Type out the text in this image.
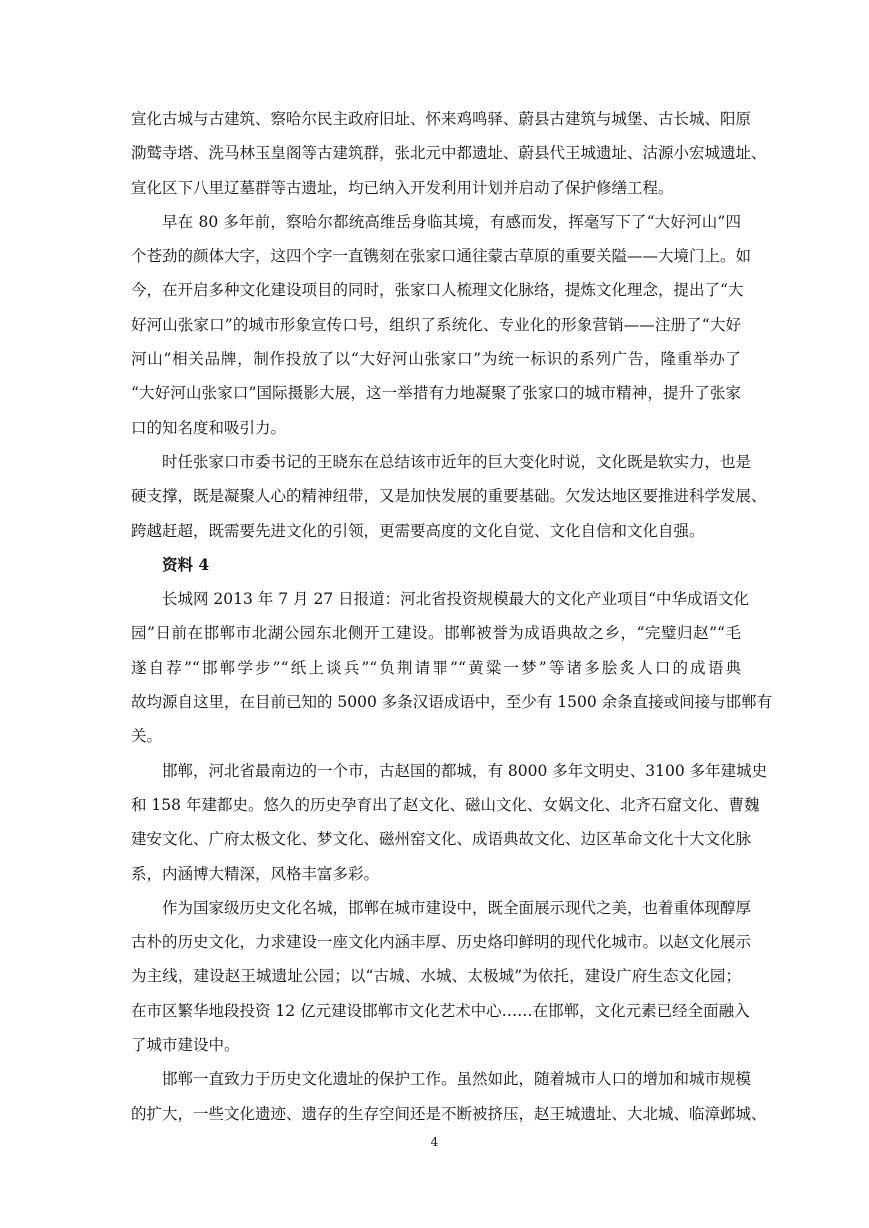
宣化古城与古建筑、察哈尔民主政府旧址、怀来鸡鸣驿、蔚县古建筑与城堡、古长城、阳原
泐鹫寺塔、洗马林玉皇阁等古建筑群，张北元中都遗址、蔚县代王城遗址、沽源小宏城遗址、
宣化区下八里辽墓群等古遗址，均已纳入开发利用计划并启动了保护修缮工程。
早在 80 多年前，察哈尔都统高维岳身临其境，有感而发，挥毫写下了“大好河山”四
个苍劲的颜体大字，这四个字一直镌刻在张家口通往蒙古草原的重要关隘——大境门上。如
今，在开启多种文化建设项目的同时，张家口人梳理文化脉络，提炼文化理念，提出了“大
好河山张家口”的城市形象宣传口号，组织了系统化、专业化的形象营销——注册了“大好
河山”相关品牌，制作投放了以“大好河山张家口”为统一标识的系列广告，隆重举办了
“大好河山张家口”国际摄影大展，这一举措有力地凝聚了张家口的城市精神，提升了张家
口的知名度和吸引力。
时任张家口市委书记的王晓东在总结该市近年的巨大变化时说，文化既是软实力，也是
硬支撑，既是凝聚人心的精神纽带，又是加快发展的重要基础。欠发达地区要推进科学发展、
跨越赶超，既需要先进文化的引领，更需要高度的文化自觉、文化自信和文化自强。
资料 4
长城网 2013 年 7 月 27 日报道：河北省投资规模最大的文化产业项目“中华成语文化
园”日前在邯郸市北湖公园东北侧开工建设。邯郸被誉为成语典故之乡，“完璧归赵”“毛
遂自荐”“邯郸学步”“纸上谈兵”“负荆请罪”“黄粱一梦”等诸多脍炙人口的成语典
故均源自这里，在目前已知的 5000 多条汉语成语中，至少有 1500 余条直接或间接与邯郸有
关。
邯郸，河北省最南边的一个市，古赵国的都城，有 8000 多年文明史、3100 多年建城史
和 158 年建都史。悠久的历史孕育出了赵文化、磁山文化、女娲文化、北齐石窟文化、曹魏
建安文化、广府太极文化、梦文化、磁州窑文化、成语典故文化、边区革命文化十大文化脉
系，内涵博大精深，风格丰富多彩。
作为国家级历史文化名城，邯郸在城市建设中，既全面展示现代之美，也着重体现醇厚
古朴的历史文化，力求建设一座文化内涵丰厚、历史烙印鲜明的现代化城市。以赵文化展示
为主线，建设赵王城遗址公园；以“古城、水城、太极城”为依托，建设广府生态文化园；
在市区繁华地段投资 12 亿元建设邯郸市文化艺术中心……在邯郸，文化元素已经全面融入
了城市建设中。
邯郸一直致力于历史文化遗址的保护工作。虽然如此，随着城市人口的增加和城市规模
的扩大，一些文化遗迹、遗存的生存空间还是不断被挤压，赵王城遗址、大北城、临漳邺城、
4
